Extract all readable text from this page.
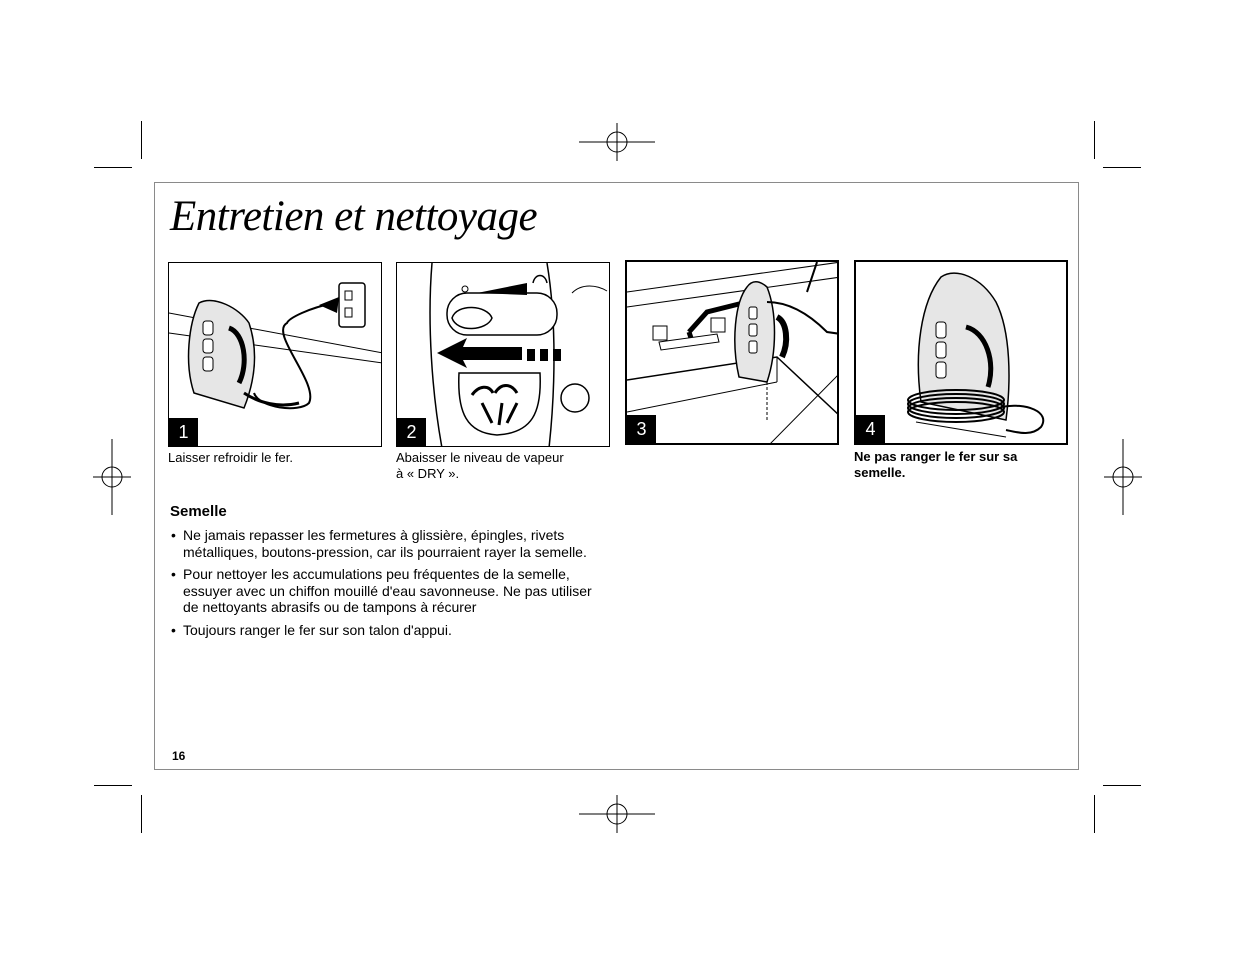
Entretien et nettoyage
1
Laisser refroidir le fer.
2
Abaisser le niveau de vapeur
à « DRY ».
3	4
Ne pas ranger le fer sur sa
semelle.
Semelle
• Ne jamais repasser les fermetures à glissière, épingles, rivets métalliques, boutons-pression, car ils pourraient rayer la semelle.
• Pour nettoyer les accumulations peu fréquentes de la semelle, essuyer avec un chiffon mouillé d'eau savonneuse. Ne pas utiliser de nettoyants abrasifs ou de tampons à récurer
• Toujours ranger le fer sur son talon d'appui.
16
